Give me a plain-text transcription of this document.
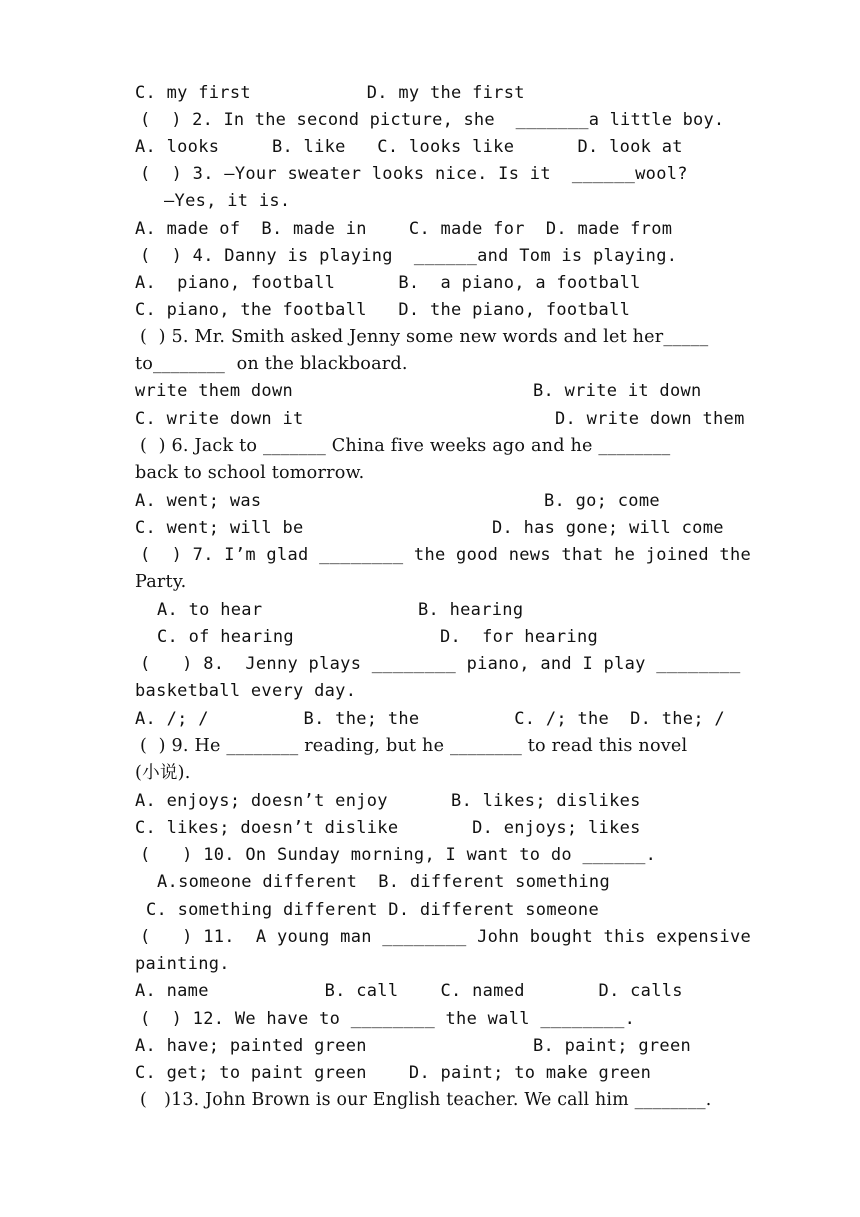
C. my first           D. my the first
(  ) 2. In the second picture, she  _______a little boy.
A. looks     B. like   C. looks like      D. look at
(  ) 3. —Your sweater looks nice. Is it  ______wool?
—Yes, it is.
A. made of  B. made in    C. made for  D. made from
(  ) 4. Danny is playing  ______and Tom is playing.
A.  piano, football      B.  a piano, a football
C. piano, the football   D. the piano, football
(  ) 5. Mr. Smith asked Jenny some new words and let her_____
to________  on the blackboard.
write them down	B. write it down
C. write down it	D. write down them
(  ) 6. Jack to _______ China five weeks ago and he ________
back to school tomorrow.
A. went; was	B. go; come
C. went; will be	D. has gone; will come
(  ) 7. I’m glad ________ the good news that he joined the
Party.
A. to hear	B. hearing
C. of hearing	D.  for hearing
(   ) 8.  Jenny plays ________ piano, and I play ________
basketball every day.
A. /; /         B. the; the         C. /; the  D. the; /
(  ) 9. He ________ reading, but he ________ to read this novel
(小说).
A. enjoys; doesn’t enjoy      B. likes; dislikes
C. likes; doesn’t dislike       D. enjoys; likes
(   ) 10. On Sunday morning, I want to do ______.
A.someone different  B. different something
C. something different D. different someone
(   ) 11.  A young man ________ John bought this expensive
painting.
A. name           B. call    C. named       D. calls
(  ) 12. We have to ________ the wall ________.
A. have; painted green	B. paint; green
C. get; to paint green    D. paint; to make green
(   )13. John Brown is our English teacher. We call him ________.
